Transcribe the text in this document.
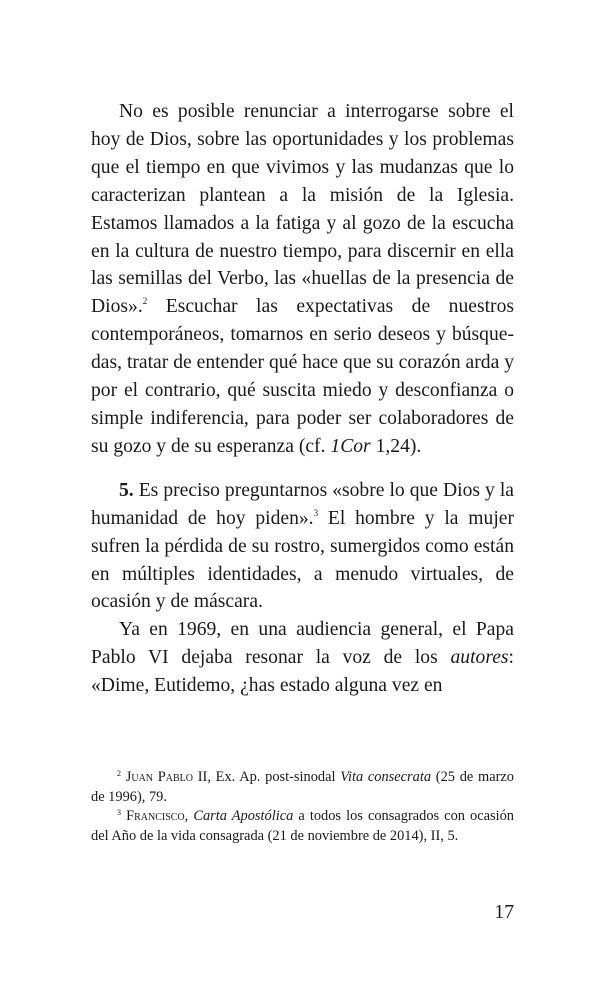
No es posible renunciar a interrogarse sobre el hoy de Dios, sobre las oportunidades y los problemas que el tiempo en que vivimos y las mudanzas que lo caracterizan plantean a la misión de la Iglesia. Estamos llamados a la fatiga y al gozo de la escucha en la cultura de nuestro tiempo, para discernir en ella las semillas del Verbo, las «huellas de la presencia de Dios».$^2$ Escuchar las expectativas de nuestros contemporáneos, tomarnos en serio deseos y búsquedas, tratar de entender qué hace que su corazón arda y por el contrario, qué suscita miedo y desconfianza o simple indiferencia, para poder ser colaboradores de su gozo y de su esperanza (cf. 1Cor 1,24).

5. Es preciso preguntarnos «sobre lo que Dios y la humanidad de hoy piden».$^3$ El hombre y la mujer sufren la pérdida de su rostro, sumergidos como están en múltiples identidades, a menudo virtuales, de ocasión y de máscara.

Ya en 1969, en una audiencia general, el Papa Pablo VI dejaba resonar la voz de los autores: «Dime, Eutidemo, ¿has estado alguna vez en

$^2$ Juan Pablo II, Ex. Ap. post-sinodal Vita consecrata (25 de marzo de 1996), 79.

$^3$ Francisco, Carta Apostólica a todos los consagrados con ocasión del Año de la vida consagrada (21 de noviembre de 2014), II, 5.

17
